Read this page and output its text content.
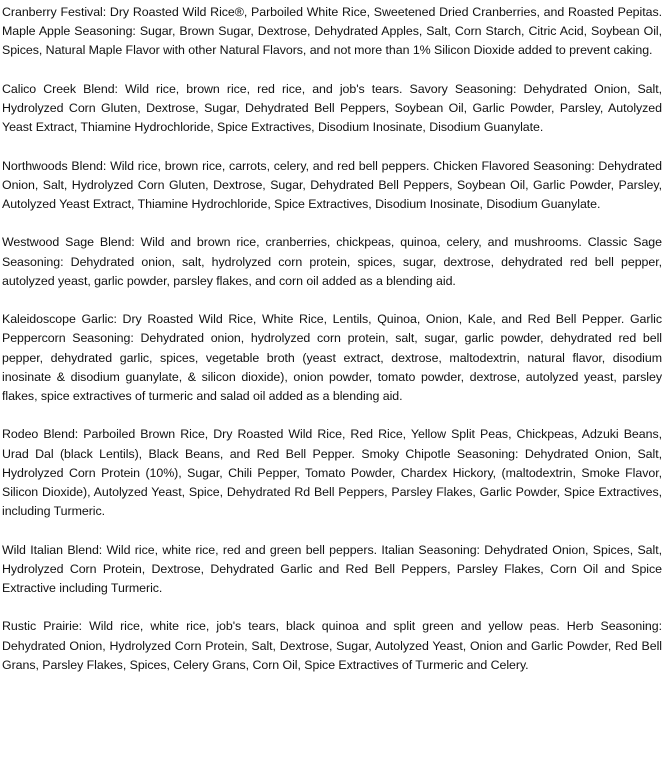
Cranberry Festival: Dry Roasted Wild Rice®, Parboiled White Rice, Sweetened Dried Cranberries, and Roasted Pepitas. Maple Apple Seasoning: Sugar, Brown Sugar, Dextrose, Dehydrated Apples, Salt, Corn Starch, Citric Acid, Soybean Oil, Spices, Natural Maple Flavor with other Natural Flavors, and not more than 1% Silicon Dioxide added to prevent caking.

Calico Creek Blend: Wild rice, brown rice, red rice, and job's tears. Savory Seasoning: Dehydrated Onion, Salt, Hydrolyzed Corn Gluten, Dextrose, Sugar, Dehydrated Bell Peppers, Soybean Oil, Garlic Powder, Parsley, Autolyzed Yeast Extract, Thiamine Hydrochloride, Spice Extractives, Disodium Inosinate, Disodium Guanylate.

Northwoods Blend: Wild rice, brown rice, carrots, celery, and red bell peppers. Chicken Flavored Seasoning: Dehydrated Onion, Salt, Hydrolyzed Corn Gluten, Dextrose, Sugar, Dehydrated Bell Peppers, Soybean Oil, Garlic Powder, Parsley, Autolyzed Yeast Extract, Thiamine Hydrochloride, Spice Extractives, Disodium Inosinate, Disodium Guanylate.

Westwood Sage Blend: Wild and brown rice, cranberries, chickpeas, quinoa, celery, and mushrooms. Classic Sage Seasoning: Dehydrated onion, salt, hydrolyzed corn protein, spices, sugar, dextrose, dehydrated red bell pepper, autolyzed yeast, garlic powder, parsley flakes, and corn oil added as a blending aid.

Kaleidoscope Garlic: Dry Roasted Wild Rice, White Rice, Lentils, Quinoa, Onion, Kale, and Red Bell Pepper. Garlic Peppercorn Seasoning: Dehydrated onion, hydrolyzed corn protein, salt, sugar, garlic powder, dehydrated red bell pepper, dehydrated garlic, spices, vegetable broth (yeast extract, dextrose, maltodextrin, natural flavor, disodium inosinate & disodium guanylate, & silicon dioxide), onion powder, tomato powder, dextrose, autolyzed yeast, parsley flakes, spice extractives of turmeric and salad oil added as a blending aid.

Rodeo Blend: Parboiled Brown Rice, Dry Roasted Wild Rice, Red Rice, Yellow Split Peas, Chickpeas, Adzuki Beans, Urad Dal (black Lentils), Black Beans, and Red Bell Pepper. Smoky Chipotle Seasoning: Dehydrated Onion, Salt, Hydrolyzed Corn Protein (10%), Sugar, Chili Pepper, Tomato Powder, Chardex Hickory, (maltodextrin, Smoke Flavor, Silicon Dioxide), Autolyzed Yeast, Spice, Dehydrated Rd Bell Peppers, Parsley Flakes, Garlic Powder, Spice Extractives, including Turmeric.

Wild Italian Blend: Wild rice, white rice, red and green bell peppers. Italian Seasoning: Dehydrated Onion, Spices, Salt, Hydrolyzed Corn Protein, Dextrose, Dehydrated Garlic and Red Bell Peppers, Parsley Flakes, Corn Oil and Spice Extractive including Turmeric.

Rustic Prairie: Wild rice, white rice, job's tears, black quinoa and split green and yellow peas. Herb Seasoning: Dehydrated Onion, Hydrolyzed Corn Protein, Salt, Dextrose, Sugar, Autolyzed Yeast, Onion and Garlic Powder, Red Bell Grans, Parsley Flakes, Spices, Celery Grans, Corn Oil, Spice Extractives of Turmeric and Celery.
